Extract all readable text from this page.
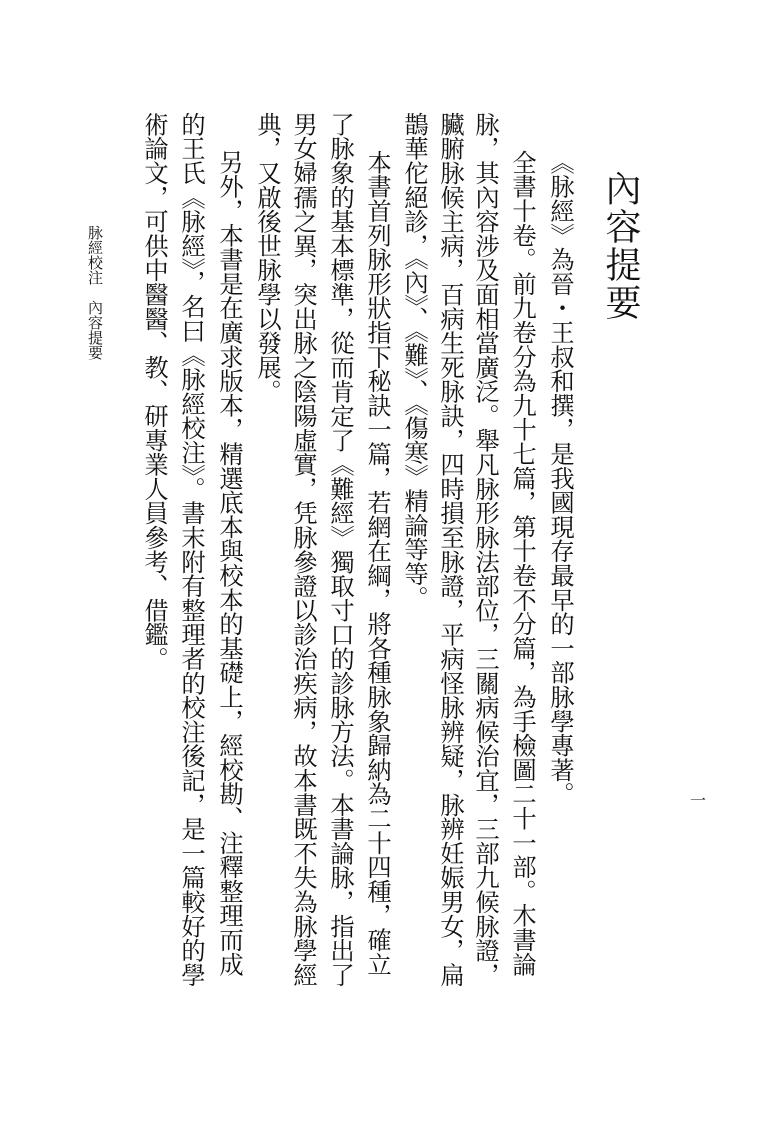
內容提要
《脉經》為晉・王叔和撰，是我國現存最早的一部脉學專著。
全書十卷。前九卷分為九十七篇，第十卷不分篇，為手檢圖二十一部。木書論
脉，其內容涉及面相當廣泛。舉凡脉形脉法部位，三關病候治宜，三部九候脉證，
臟腑脉候主病，百病生死脉訣，四時損至脉證，平病怪脉辨疑，脉辨妊娠男女，扁
鵲華佗絕診，《內》、《難》、《傷寒》精論等等。
本書首列脉形狀指下秘訣一篇，若網在綱，將各種脉象歸納為二十四種，確立
了脉象的基本標準，從而肯定了《難經》獨取寸口的診脉方法。本書論脉，指出了
男女婦孺之異，突出脉之陰陽虛實，凭脉參證以診治疾病，故本書既不失為脉學經
典，又啟後世脉學以發展。
另外，本書是在廣求版本，精選底本與校本的基礎上，經校勘、注釋整理而成
的王氏《脉經》，名曰《脉經校注》。書末附有整理者的校注後記，是一篇較好的學
術論文，可供中醫醫、教、研專業人員參考、借鑑。
脉經校注　內容提要
一
